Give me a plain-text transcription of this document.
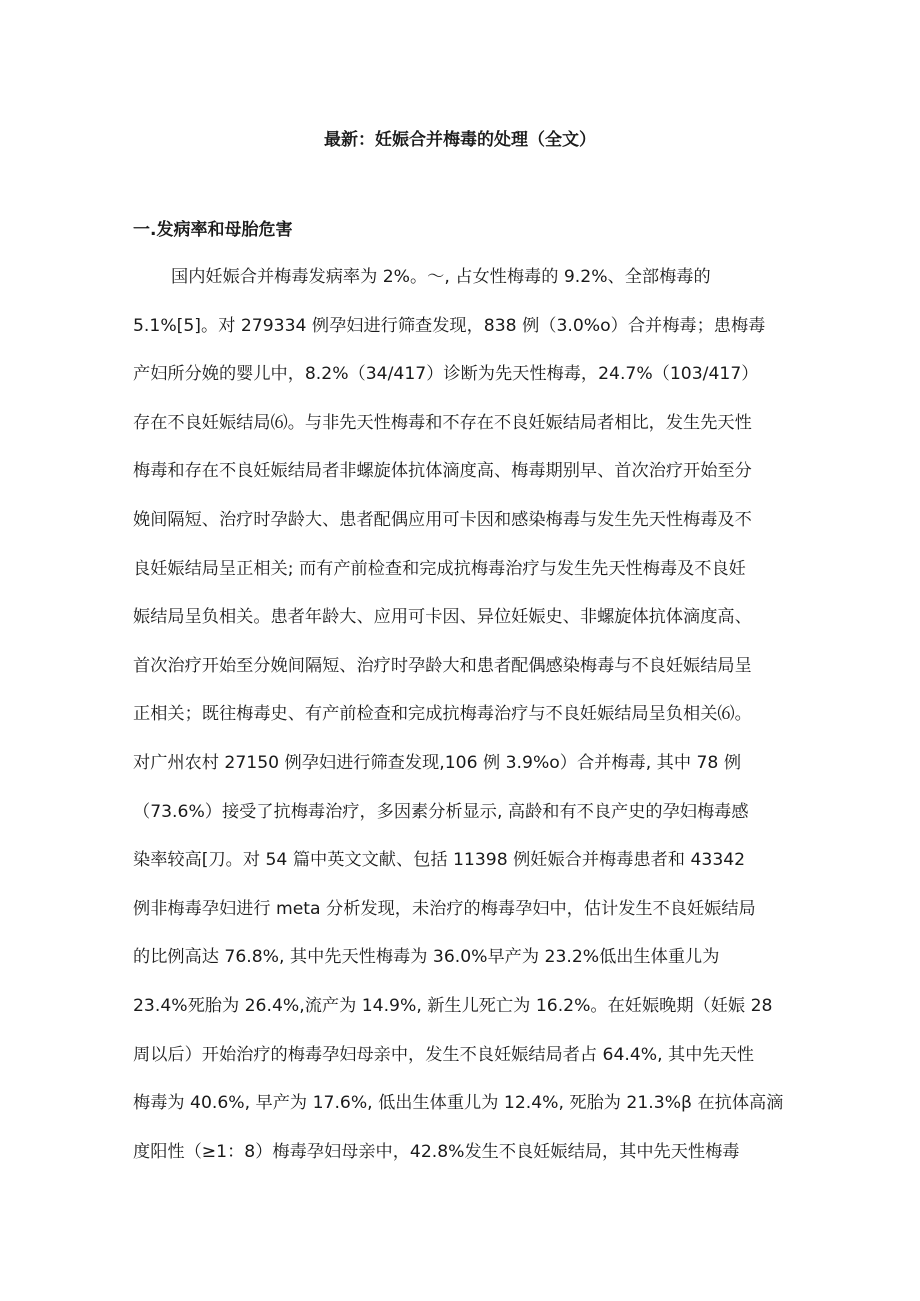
最新：妊娠合并梅毒的处理（全文）
一.发病率和母胎危害
国内妊娠合并梅毒发病率为 2%。～, 占女性梅毒的 9.2%、全部梅毒的
5.1%[5]。对 279334 例孕妇进行筛查发现，838 例（3.0%o）合并梅毒；患梅毒
产妇所分娩的婴儿中，8.2%（34/417）诊断为先天性梅毒，24.7%（103/417）
存在不良妊娠结局⑹。与非先天性梅毒和不存在不良妊娠结局者相比，发生先天性
梅毒和存在不良妊娠结局者非螺旋体抗体滴度高、梅毒期别早、首次治疗开始至分
娩间隔短、治疗时孕龄大、患者配偶应用可卡因和感染梅毒与发生先天性梅毒及不
良妊娠结局呈正相关; 而有产前检查和完成抗梅毒治疗与发生先天性梅毒及不良妊
娠结局呈负相关。患者年龄大、应用可卡因、异位妊娠史、非螺旋体抗体滴度高、
首次治疗开始至分娩间隔短、治疗时孕龄大和患者配偶感染梅毒与不良妊娠结局呈
正相关；既往梅毒史、有产前检查和完成抗梅毒治疗与不良妊娠结局呈负相关⑹。
对广州农村 27150 例孕妇进行筛查发现,106 例 3.9%o）合并梅毒, 其中 78 例
（73.6%）接受了抗梅毒治疗，多因素分析显示, 高龄和有不良产史的孕妇梅毒感
染率较高[刀。对 54 篇中英文文献、包括 11398 例妊娠合并梅毒患者和 43342
例非梅毒孕妇进行 meta 分析发现，未治疗的梅毒孕妇中，估计发生不良妊娠结局
的比例高达 76.8%, 其中先天性梅毒为 36.0%早产为 23.2%低出生体重儿为
23.4%死胎为 26.4%,流产为 14.9%, 新生儿死亡为 16.2%。在妊娠晚期（妊娠 28
周以后）开始治疗的梅毒孕妇母亲中，发生不良妊娠结局者占 64.4%, 其中先天性
梅毒为 40.6%, 早产为 17.6%, 低出生体重儿为 12.4%, 死胎为 21.3%β 在抗体高滴
度阳性（≥1：8）梅毒孕妇母亲中，42.8%发生不良妊娠结局，其中先天性梅毒
